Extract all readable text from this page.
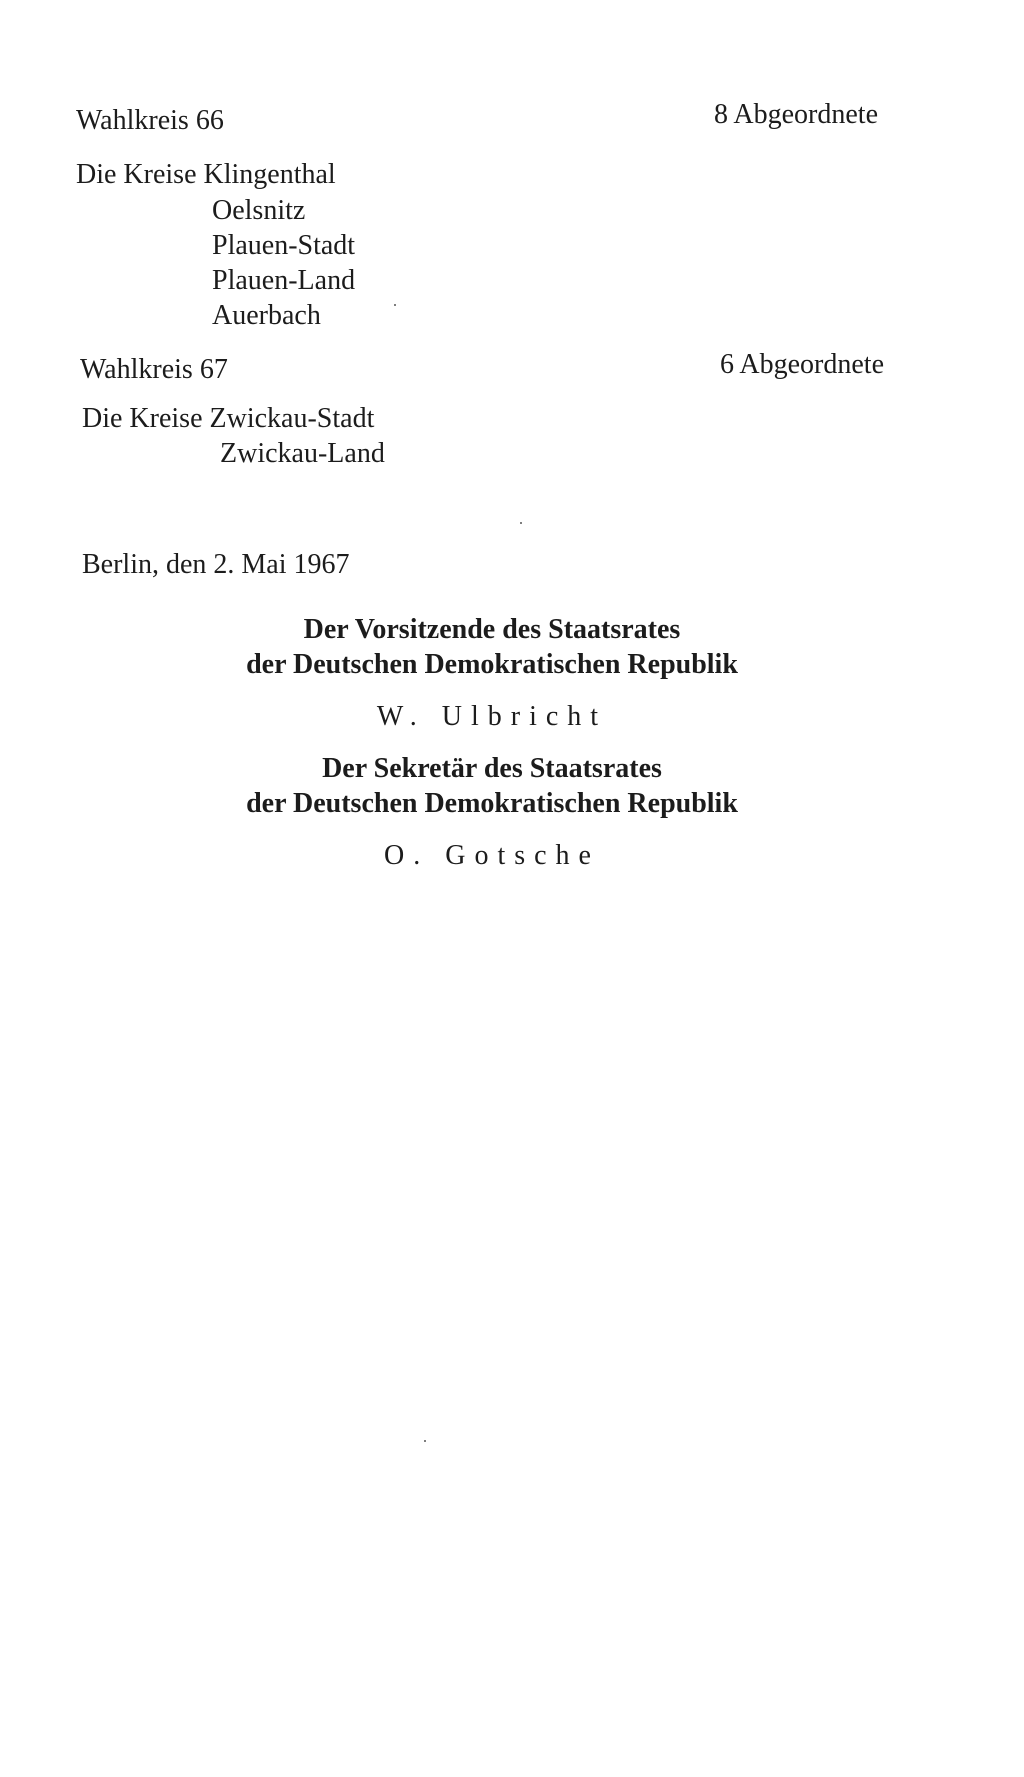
Wahlkreis 66	8 Abgeordnete
Die Kreise Klingenthal
Oelsnitz
Plauen-Stadt
Plauen-Land
Auerbach
Wahlkreis 67	6 Abgeordnete
Die Kreise Zwickau-Stadt
Zwickau-Land
Berlin, den 2. Mai 1967
Der Vorsitzende des Staatsrates
der Deutschen Demokratischen Republik
W. Ulbricht
Der Sekretär des Staatsrates
der Deutschen Demokratischen Republik
O. Gotsche
